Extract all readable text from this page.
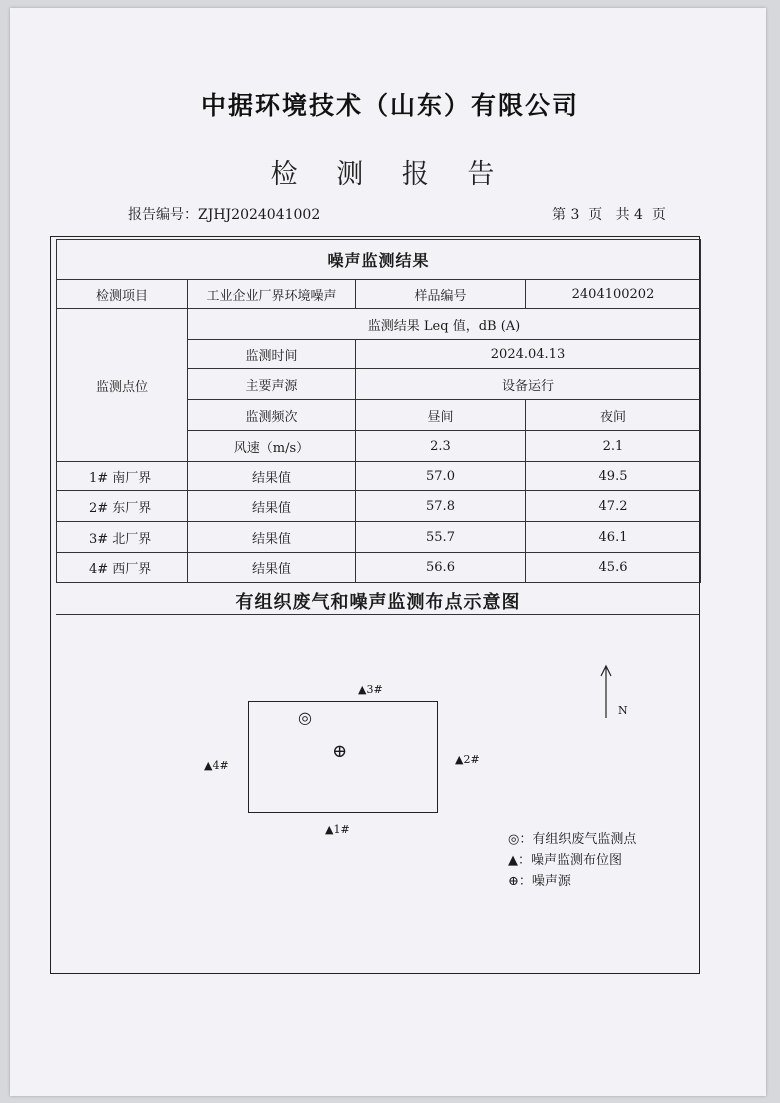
中据环境技术（山东）有限公司
检 测 报 告
报告编号：ZJHJ2024041002	第 3  页   共 4  页
噪声监测结果			
检测项目	工业企业厂界环境噪声	样品编号	2404100202
监测点位	监测结果 Leq 值，dB (A)		
	监测时间	2024.04.13	
	主要声源	设备运行	
	监测频次	昼间	夜间
	风速（m/s）	2.3	2.1
1# 南厂界	结果值	57.0	49.5
2# 东厂界	结果值	57.8	47.2
3# 北厂界	结果值	55.7	46.1
4# 西厂界	结果值	56.6	45.6
有组织废气和噪声监测布点示意图
◎
⊕
▲3#
▲2#
▲4#
▲1#
N
◎：有组织废气监测点
▲：噪声监测布位图
⊕：噪声源
